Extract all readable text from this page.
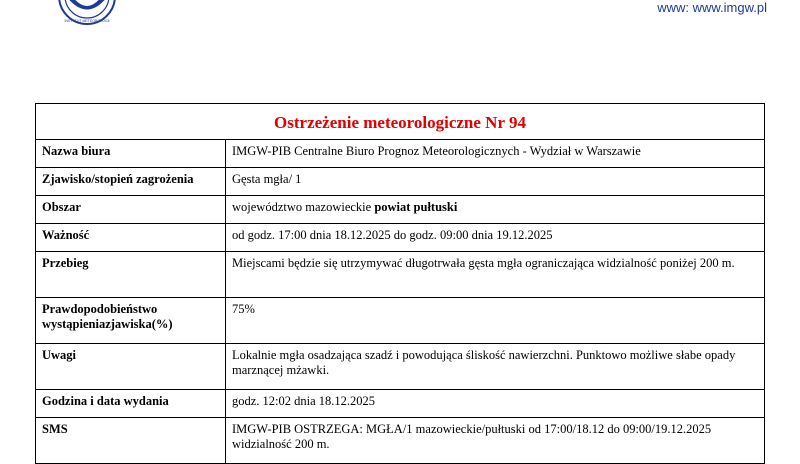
INSTYTUT METEOROLOGII
www: www.imgw.pl
Ostrzeżenie meteorologiczne Nr 94	
Nazwa biura	IMGW-PIB Centralne Biuro Prognoz Meteorologicznych - Wydział w Warszawie
Zjawisko/stopień zagrożenia	Gęsta mgła/ 1
Obszar	województwo mazowieckie powiat pułtuski
Ważność	od godz. 17:00 dnia 18.12.2025 do godz. 09:00 dnia 19.12.2025
Przebieg	Miejscami będzie się utrzymywać długotrwała gęsta mgła ograniczająca widzialność poniżej 200 m.
Prawdopodobieństwo wystąpieniazjawiska(%)	75%
Uwagi	Lokalnie mgła osadzająca szadź i powodująca śliskość nawierzchni. Punktowo możliwe słabe opady marznącej mżawki.
Godzina i data wydania	godz. 12:02 dnia 18.12.2025
SMS	IMGW-PIB OSTRZEGA: MGŁA/1 mazowieckie/pułtuski od 17:00/18.12 do 09:00/19.12.2025 widzialność 200 m.
